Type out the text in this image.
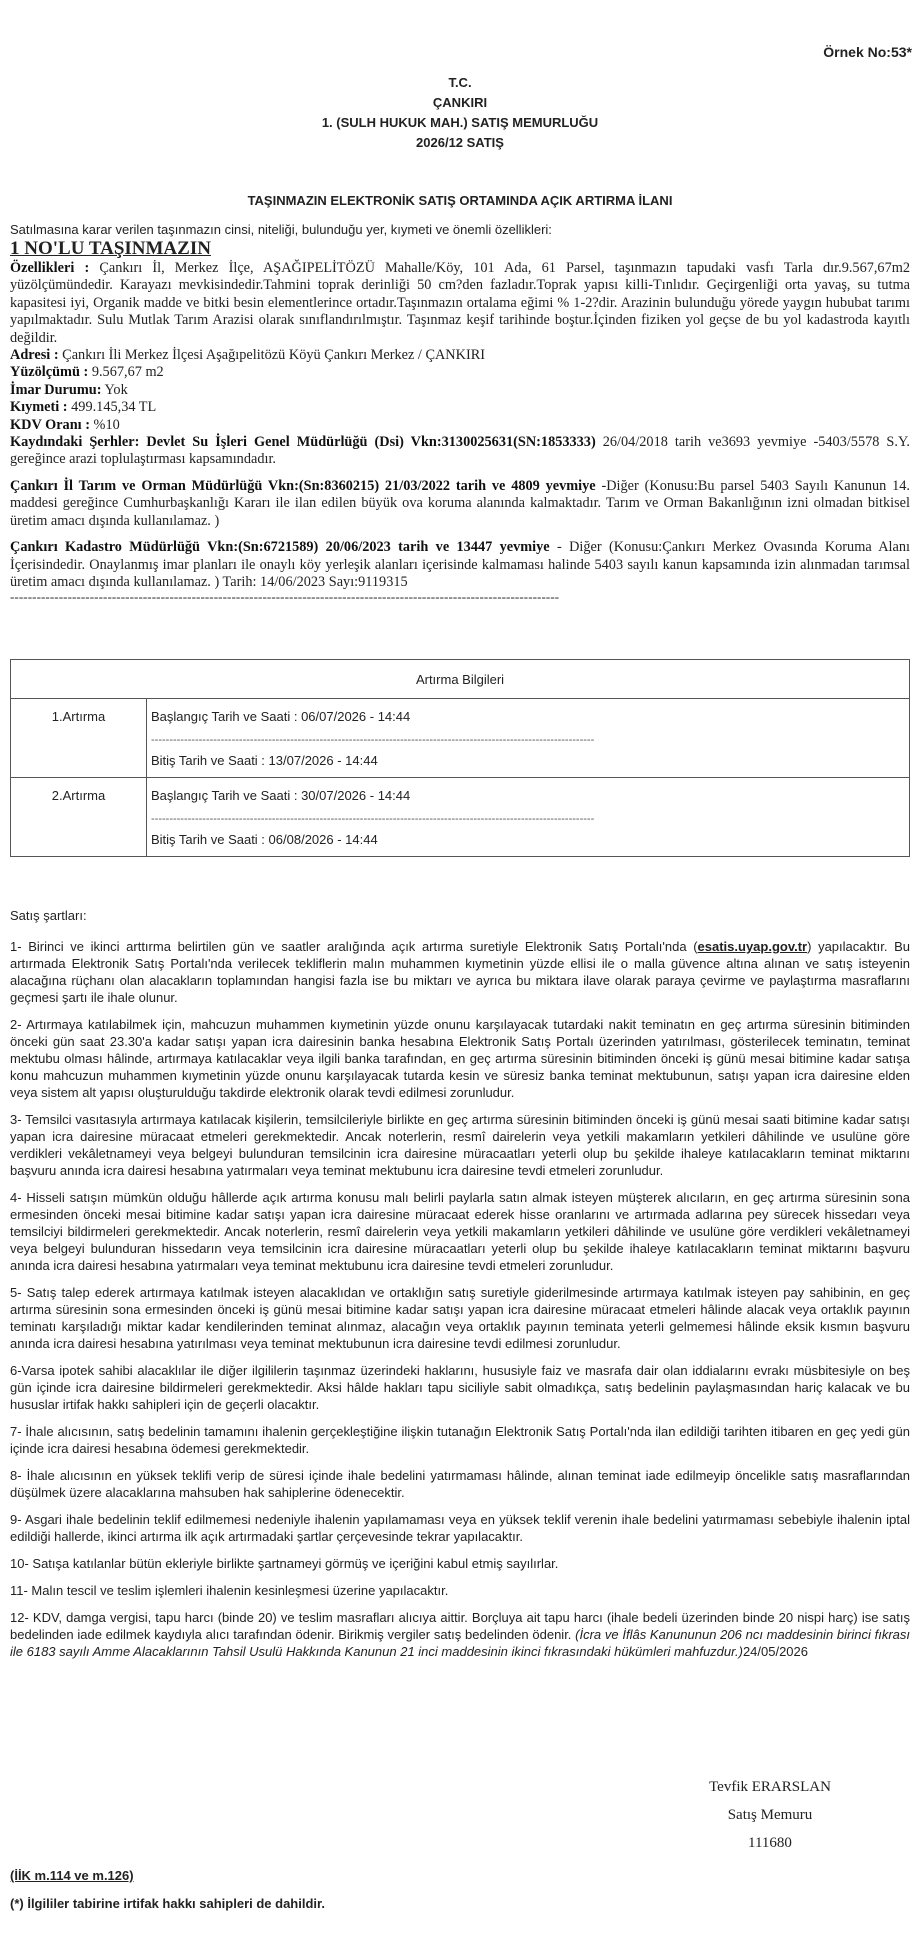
Örnek No:53*
T.C.
ÇANKIRI
1. (SULH HUKUK MAH.) SATIŞ MEMURLUĞU
2026/12 SATIŞ
TAŞINMAZIN ELEKTRONİK SATIŞ ORTAMINDA AÇIK ARTIRMA İLANI

Satılmasına karar verilen taşınmazın cinsi, niteliği, bulunduğu yer, kıymeti ve önemli özellikleri:

1 NO'LU TAŞINMAZIN

Özellikleri : Çankırı İl, Merkez İlçe, AŞAĞIPELİTÖZÜ Mahalle/Köy, 101 Ada, 61 Parsel, taşınmazın tapudaki vasfı Tarla dır.9.567,67m2 yüzölçümündedir. Karayazı mevkisindedir.Tahmini toprak derinliği 50 cm?den fazladır.Toprak yapısı killi-Tınlıdır. Geçirgenliği orta yavaş, su tutma kapasitesi iyi, Organik madde ve bitki besin elementlerince ortadır.Taşınmazın ortalama eğimi % 1-2?dir. Arazinin bulunduğu yörede yaygın hububat tarımı yapılmaktadır. Sulu Mutlak Tarım Arazisi olarak sınıflandırılmıştır. Taşınmaz keşif tarihinde boştur.İçinden fiziken yol geçse de bu yol kadastroda kayıtlı değildir.

Adresi : Çankırı İli Merkez İlçesi Aşağıpelitözü Köyü Çankırı Merkez / ÇANKIRI

Yüzölçümü : 9.567,67 m2

İmar Durumu: Yok

Kıymeti : 499.145,34 TL

KDV Oranı : %10

Kaydındaki Şerhler: Devlet Su İşleri Genel Müdürlüğü (Dsi) Vkn:3130025631(SN:1853333) 26/04/2018 tarih ve3693 yevmiye -5403/5578 S.Y. gereğince arazi toplulaştırması kapsamındadır.

Çankırı İl Tarım ve Orman Müdürlüğü Vkn:(Sn:8360215) 21/03/2022 tarih ve 4809 yevmiye -Diğer (Konusu:Bu parsel 5403 Sayılı Kanunun 14. maddesi gereğince Cumhurbaşkanlığı Kararı ile ilan edilen büyük ova koruma alanında kalmaktadır. Tarım ve Orman Bakanlığının izni olmadan bitkisel üretim amacı dışında kullanılamaz. )

Çankırı Kadastro Müdürlüğü Vkn:(Sn:6721589) 20/06/2023 tarih ve 13447 yevmiye - Diğer (Konusu:Çankırı Merkez Ovasında Koruma Alanı İçerisindedir. Onaylanmış imar planları ile onaylı köy yerleşik alanları içerisinde kalmaması halinde 5403 sayılı kanun kapsamında izin alınmadan tarımsal üretim amacı dışında kullanılamaz. ) Tarih: 14/06/2023 Sayı:9119315

----------------------------------------------------------------------------------------------------------------------------
Artırma Bilgileri	
1.Artırma	Başlangıç Tarih ve Saati : 06/07/2026 - 14:44
-------------------------------------------------------------------------------------------------------------------------
Bitiş Tarih ve Saati : 13/07/2026 - 14:44

2.Artırma	Başlangıç Tarih ve Saati : 30/07/2026 - 14:44
-------------------------------------------------------------------------------------------------------------------------
Bitiş Tarih ve Saati : 06/08/2026 - 14:44

Satış şartları:

1- Birinci ve ikinci arttırma belirtilen gün ve saatler aralığında açık artırma suretiyle Elektronik Satış Portalı'nda (esatis.uyap.gov.tr) yapılacaktır. Bu artırmada Elektronik Satış Portalı'nda verilecek tekliflerin malın muhammen kıymetinin yüzde ellisi ile o malla güvence altına alınan ve satış isteyenin alacağına rüçhanı olan alacakların toplamından hangisi fazla ise bu miktarı ve ayrıca bu miktara ilave olarak paraya çevirme ve paylaştırma masraflarını geçmesi şartı ile ihale olunur.

2- Artırmaya katılabilmek için, mahcuzun muhammen kıymetinin yüzde onunu karşılayacak tutardaki nakit teminatın en geç artırma süresinin bitiminden önceki gün saat 23.30'a kadar satışı yapan icra dairesinin banka hesabına Elektronik Satış Portalı üzerinden yatırılması, gösterilecek teminatın, teminat mektubu olması hâlinde, artırmaya katılacaklar veya ilgili banka tarafından, en geç artırma süresinin bitiminden önceki iş günü mesai bitimine kadar satışa konu mahcuzun muhammen kıymetinin yüzde onunu karşılayacak tutarda kesin ve süresiz banka teminat mektubunun, satışı yapan icra dairesine elden veya sistem alt yapısı oluşturulduğu takdirde elektronik olarak tevdi edilmesi zorunludur.

3- Temsilci vasıtasıyla artırmaya katılacak kişilerin, temsilcileriyle birlikte en geç artırma süresinin bitiminden önceki iş günü mesai saati bitimine kadar satışı yapan icra dairesine müracaat etmeleri gerekmektedir. Ancak noterlerin, resmî dairelerin veya yetkili makamların yetkileri dâhilinde ve usulüne göre verdikleri vekâletnameyi veya belgeyi bulunduran temsilcinin icra dairesine müracaatları yeterli olup bu şekilde ihaleye katılacakların teminat miktarını başvuru anında icra dairesi hesabına yatırmaları veya teminat mektubunu icra dairesine tevdi etmeleri zorunludur.

4- Hisseli satışın mümkün olduğu hâllerde açık artırma konusu malı belirli paylarla satın almak isteyen müşterek alıcıların, en geç artırma süresinin sona ermesinden önceki mesai bitimine kadar satışı yapan icra dairesine müracaat ederek hisse oranlarını ve artırmada adlarına pey sürecek hissedarı veya temsilciyi bildirmeleri gerekmektedir. Ancak noterlerin, resmî dairelerin veya yetkili makamların yetkileri dâhilinde ve usulüne göre verdikleri vekâletnameyi veya belgeyi bulunduran hissedarın veya temsilcinin icra dairesine müracaatları yeterli olup bu şekilde ihaleye katılacakların teminat miktarını başvuru anında icra dairesi hesabına yatırmaları veya teminat mektubunu icra dairesine tevdi etmeleri zorunludur.

5- Satış talep ederek artırmaya katılmak isteyen alacaklıdan ve ortaklığın satış suretiyle giderilmesinde artırmaya katılmak isteyen pay sahibinin, en geç artırma süresinin sona ermesinden önceki iş günü mesai bitimine kadar satışı yapan icra dairesine müracaat etmeleri hâlinde alacak veya ortaklık payının teminatı karşıladığı miktar kadar kendilerinden teminat alınmaz, alacağın veya ortaklık payının teminata yeterli gelmemesi hâlinde eksik kısmın başvuru anında icra dairesi hesabına yatırılması veya teminat mektubunun icra dairesine tevdi edilmesi zorunludur.

6-Varsa ipotek sahibi alacaklılar ile diğer ilgililerin taşınmaz üzerindeki haklarını, hususiyle faiz ve masrafa dair olan iddialarını evrakı müsbitesiyle on beş gün içinde icra dairesine bildirmeleri gerekmektedir. Aksi hâlde hakları tapu siciliyle sabit olmadıkça, satış bedelinin paylaşmasından hariç kalacak ve bu hususlar irtifak hakkı sahipleri için de geçerli olacaktır.

7- İhale alıcısının, satış bedelinin tamamını ihalenin gerçekleştiğine ilişkin tutanağın Elektronik Satış Portalı'nda ilan edildiği tarihten itibaren en geç yedi gün içinde icra dairesi hesabına ödemesi gerekmektedir.

8- İhale alıcısının en yüksek teklifi verip de süresi içinde ihale bedelini yatırmaması hâlinde, alınan teminat iade edilmeyip öncelikle satış masraflarından düşülmek üzere alacaklarına mahsuben hak sahiplerine ödenecektir.

9- Asgari ihale bedelinin teklif edilmemesi nedeniyle ihalenin yapılamaması veya en yüksek teklif verenin ihale bedelini yatırmaması sebebiyle ihalenin iptal edildiği hallerde, ikinci artırma ilk açık artırmadaki şartlar çerçevesinde tekrar yapılacaktır.

10- Satışa katılanlar bütün ekleriyle birlikte şartnameyi görmüş ve içeriğini kabul etmiş sayılırlar.

11- Malın tescil ve teslim işlemleri ihalenin kesinleşmesi üzerine yapılacaktır.

12- KDV, damga vergisi, tapu harcı (binde 20) ve teslim masrafları alıcıya aittir. Borçluya ait tapu harcı (ihale bedeli üzerinden binde 20 nispi harç) ise satış bedelinden iade edilmek kaydıyla alıcı tarafından ödenir. Birikmiş vergiler satış bedelinden ödenir. (İcra ve İflâs Kanununun 206 ncı maddesinin birinci fıkrası ile 6183 sayılı Amme Alacaklarının Tahsil Usulü Hakkında Kanunun 21 inci maddesinin ikinci fıkrasındaki hükümleri mahfuzdur.)24/05/2026

Tevfik ERARSLAN
Satış Memuru
111680
(İİK m.114 ve m.126)
(*) İlgililer tabirine irtifak hakkı sahipleri de dahildir.
